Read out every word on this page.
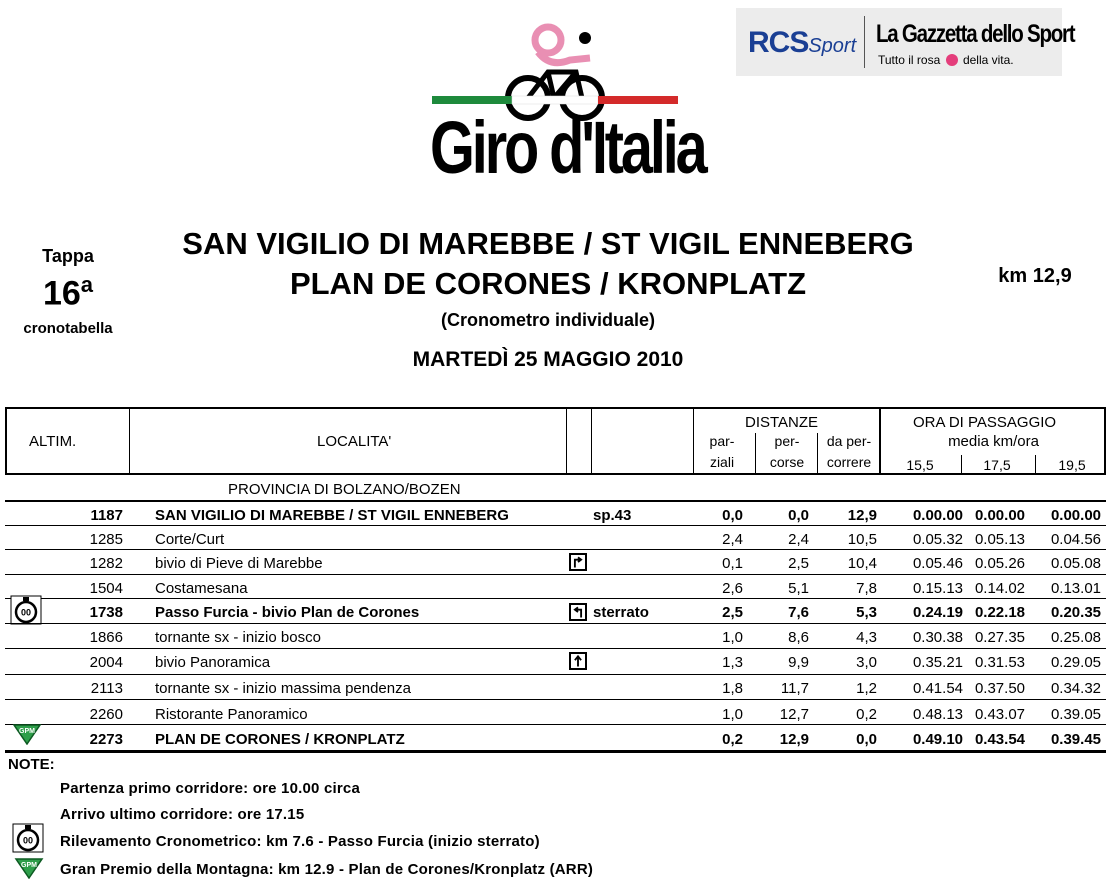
Giro d'Italia
RCSSport La Gazzetta dello Sport
Tutto il rosa della vita.
Tappa
16$^a$
cronotabella
SAN VIGILIO DI MAREBBE / ST VIGIL ENNEBERG
PLAN DE CORONES / KRONPLATZ
(Cronometro individuale)
MARTEDÌ 25 MAGGIO 2010
km 12,9
ALTIM.	LOCALITA'
DISTANZE
par-
ziali
per-
corse
da per-
correre
ORA DI PASSAGGIO
media km/ora
15,5	17,5	19,5
PROVINCIA DI BOLZANO/BOZEN
1187 SAN VIGILIO DI MAREBBE / ST VIGIL ENNEBERG	sp.43	0,0	0,0	12,9	0.00.00 0.00.00	0.00.00
1285 Corte/Curt	2,4	2,4	10,5	0.05.32 0.05.13	0.04.56
1282 bivio di Pieve di Marebbe	0,1	2,5	10,4	0.05.46 0.05.26	0.05.08
1504 Costamesana	2,6	5,1	7,8	0.15.13 0.14.02	0.13.01
00	1738 Passo Furcia - bivio Plan de Corones	sterrato	2,5	7,6	5,3	0.24.19 0.22.18	0.20.35
1866 tornante sx - inizio bosco	1,0	8,6	4,3	0.30.38 0.27.35	0.25.08
2004 bivio Panoramica	1,3	9,9	3,0	0.35.21 0.31.53	0.29.05
2113 tornante sx - inizio massima pendenza	1,8	11,7	1,2	0.41.54 0.37.50	0.34.32
2260 Ristorante Panoramico	1,0	12,7	0,2	0.48.13 0.43.07	0.39.05
GPM	2273 PLAN DE CORONES / KRONPLATZ	0,2	12,9	0,0	0.49.10 0.43.54	0.39.45
NOTE:
Partenza primo corridore: ore 10.00 circa
Arrivo ultimo corridore: ore 17.15
00 Rilevamento Cronometrico: km 7.6 - Passo Furcia (inizio sterrato)
GPM Gran Premio della Montagna: km 12.9 - Plan de Corones/Kronplatz (ARR)
